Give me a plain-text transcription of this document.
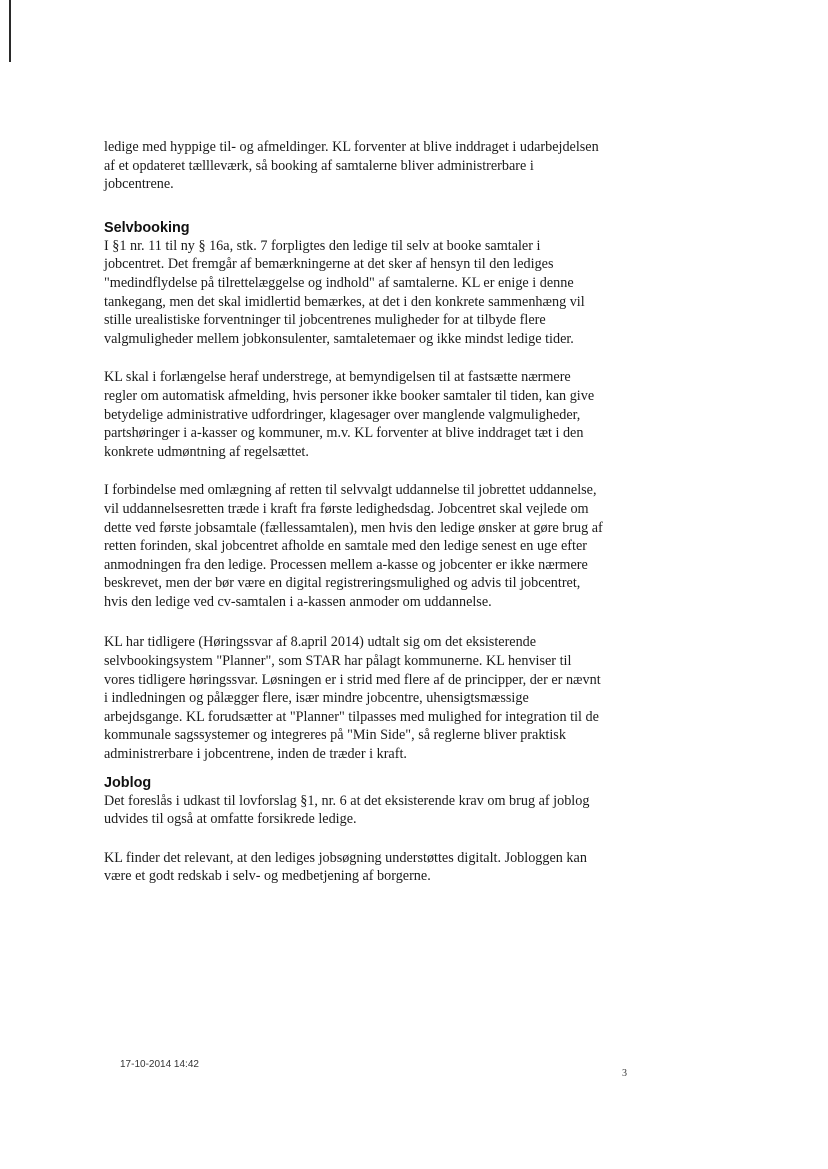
ledige med hyppige til- og afmeldinger. KL forventer at blive inddraget i udarbejdelsen af et opdateret tællleværk, så booking af samtalerne bliver administrerbare i jobcentrene.

Selvbooking

I §1 nr. 11 til ny § 16a, stk. 7 forpligtes den ledige til selv at booke samtaler i jobcentret. Det fremgår af bemærkningerne at det sker af hensyn til den lediges "medindflydelse på tilrettelæggelse og indhold" af samtalerne. KL er enige i denne tankegang, men det skal imidlertid bemærkes, at det i den konkrete sammenhæng vil stille urealistiske forventninger til jobcentrenes muligheder for at tilbyde flere valgmuligheder mellem jobkonsulenter, samtaletemaer og ikke mindst ledige tider.

KL skal i forlængelse heraf understrege, at bemyndigelsen til at fastsætte nærmere regler om automatisk afmelding, hvis personer ikke booker samtaler til tiden, kan give betydelige administrative udfordringer, klagesager over manglende valgmuligheder, partshøringer i a-kasser og kommuner, m.v. KL forventer at blive inddraget tæt i den konkrete udmøntning af regelsættet.

I forbindelse med omlægning af retten til selvvalgt uddannelse til jobrettet uddannelse, vil uddannelsesretten træde i kraft fra første ledighedsdag. Jobcentret skal vejlede om dette ved første jobsamtale (fællessamtalen), men hvis den ledige ønsker at gøre brug af retten forinden, skal jobcentret afholde en samtale med den ledige senest en uge efter anmodningen fra den ledige. Processen mellem a-kasse og jobcenter er ikke nærmere beskrevet, men der bør være en digital registreringsmulighed og advis til jobcentret, hvis den ledige ved cv-samtalen i a-kassen anmoder om uddannelse.

KL har tidligere (Høringssvar af 8.april 2014) udtalt sig om det eksisterende selvbookingsystem "Planner", som STAR har pålagt kommunerne. KL henviser til vores tidligere høringssvar. Løsningen er i strid med flere af de principper, der er nævnt i indledningen og pålægger flere, især mindre jobcentre, uhensigtsmæssige arbejdsgange. KL forudsætter at "Planner" tilpasses med mulighed for integration til de kommunale sagssystemer og integreres på "Min Side", så reglerne bliver praktisk administrerbare i jobcentrene, inden de træder i kraft.

Joblog

Det foreslås i udkast til lovforslag §1, nr. 6 at det eksisterende krav om brug af joblog udvides til også at omfatte forsikrede ledige.

KL finder det relevant, at den lediges jobsøgning understøttes digitalt. Jobloggen kan være et godt redskab i selv- og medbetjening af borgerne.

17-10-2014 14:42
3
